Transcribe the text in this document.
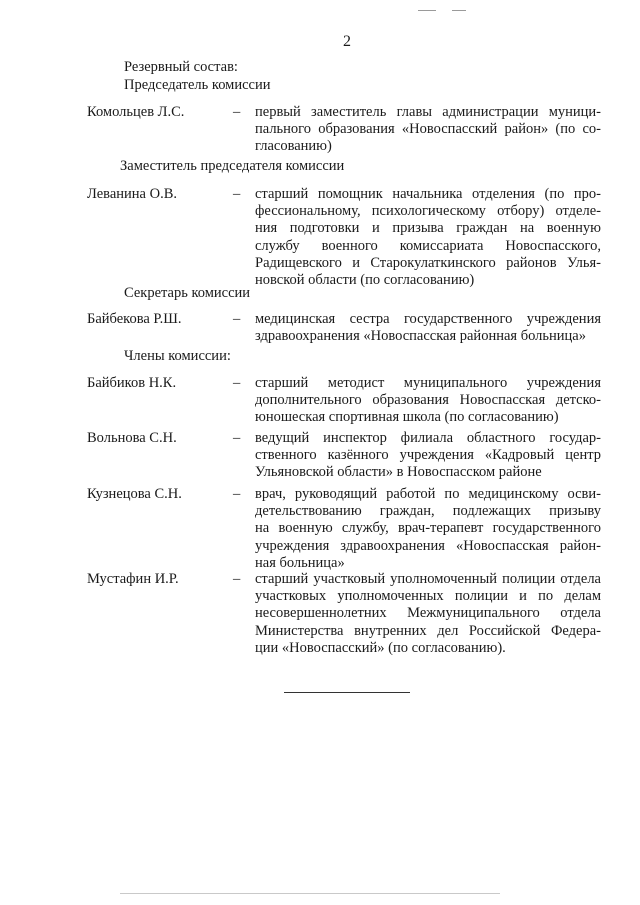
2
Резервный состав:
Председатель комиссии
Комольцев Л.С.	– первый заместитель главы администрации муници-
пального образования «Новоспасский район» (по со-
гласованию)
Заместитель председателя комиссии
Леванина О.В.	– старший помощник начальника отделения (по про-
фессиональному, психологическому отбору) отделе-
ния подготовки и призыва граждан на военную
службу военного комиссариата Новоспасского,
Радищевского и Старокулаткинского районов Улья-
новской области (по согласованию)
Секретарь комиссии
Байбекова Р.Ш.	– медицинская сестра государственного учреждения
здравоохранения «Новоспасская районная больница»
Члены комиссии:
Байбиков Н.К.	– старший методист муниципального учреждения
дополнительного образования Новоспасская детско-
юношеская спортивная школа (по согласованию)
Вольнова С.Н.	– ведущий инспектор филиала областного государ-
ственного казённого учреждения «Кадровый центр
Ульяновской области» в Новоспасском районе
Кузнецова С.Н.	– врач, руководящий работой по медицинскому осви-
детельствованию граждан, подлежащих призыву
на военную службу, врач-терапевт государственного
учреждения здравоохранения «Новоспасская район-
ная больница»
Мустафин И.Р.	– старший участковый уполномоченный полиции отдела
участковых уполномоченных полиции и по делам
несовершеннолетних Межмуниципального отдела
Министерства внутренних дел Российской Федера-
ции «Новоспасский» (по согласованию).
